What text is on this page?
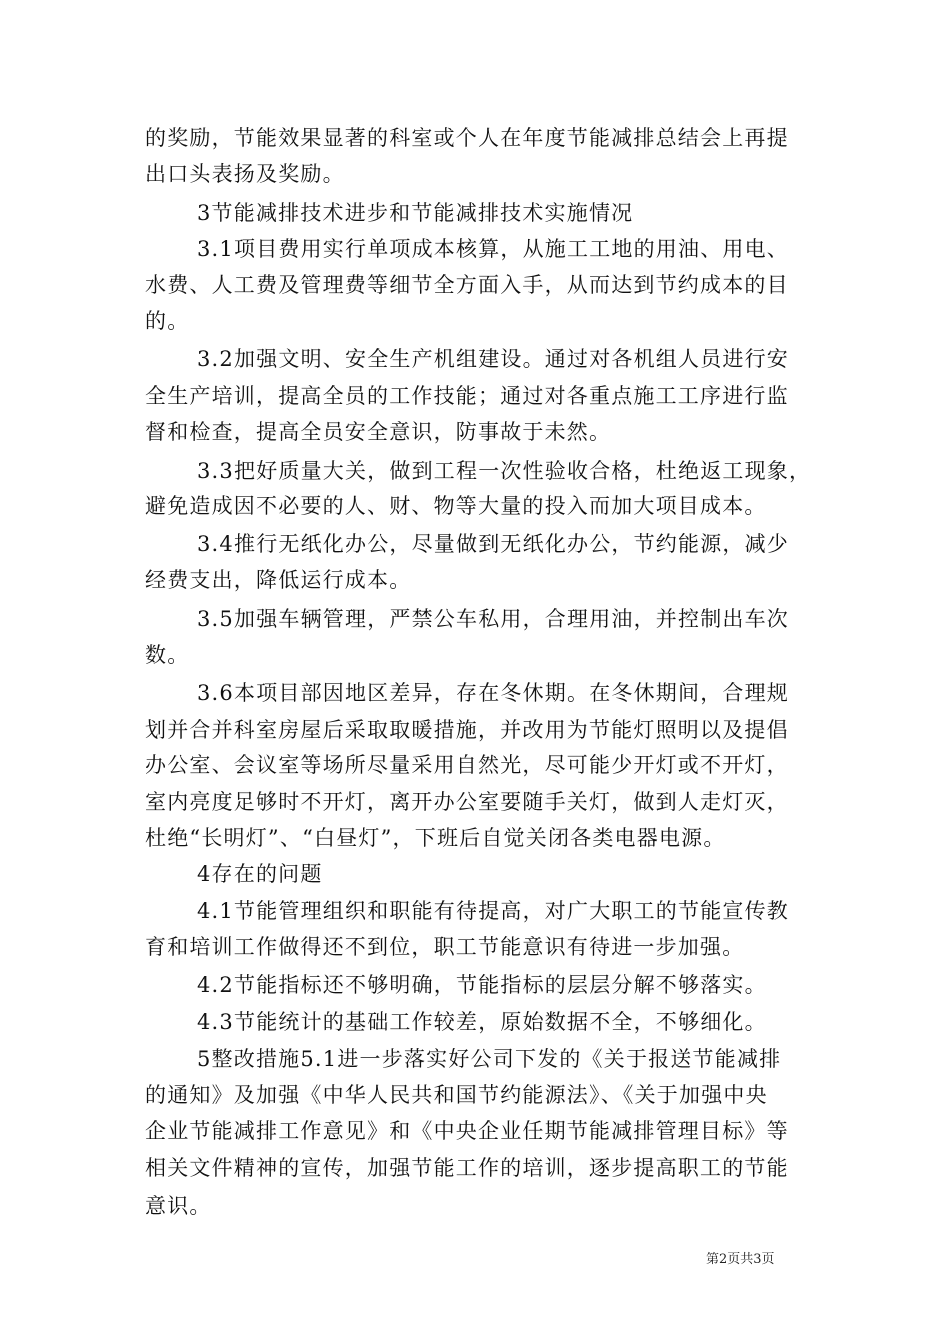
的奖励，节能效果显著的科室或个人在年度节能减排总结会上再提
出口头表扬及奖励。
3节能减排技术进步和节能减排技术实施情况
3.1项目费用实行单项成本核算，从施工工地的用油、用电、
水费、人工费及管理费等细节全方面入手，从而达到节约成本的目
的。
3.2加强文明、安全生产机组建设。通过对各机组人员进行安
全生产培训，提高全员的工作技能；通过对各重点施工工序进行监
督和检查，提高全员安全意识，防事故于未然。
3.3把好质量大关，做到工程一次性验收合格，杜绝返工现象，
避免造成因不必要的人、财、物等大量的投入而加大项目成本。
3.4推行无纸化办公，尽量做到无纸化办公，节约能源，减少
经费支出，降低运行成本。
3.5加强车辆管理，严禁公车私用，合理用油，并控制出车次
数。
3.6本项目部因地区差异，存在冬休期。在冬休期间，合理规
划并合并科室房屋后采取取暖措施，并改用为节能灯照明以及提倡
办公室、会议室等场所尽量采用自然光，尽可能少开灯或不开灯，
室内亮度足够时不开灯，离开办公室要随手关灯，做到人走灯灭，
杜绝“长明灯”、“白昼灯”，下班后自觉关闭各类电器电源。
4存在的问题
4.1节能管理组织和职能有待提高，对广大职工的节能宣传教
育和培训工作做得还不到位，职工节能意识有待进一步加强。
4.2节能指标还不够明确，节能指标的层层分解不够落实。
4.3节能统计的基础工作较差，原始数据不全，不够细化。
5整改措施5.1进一步落实好公司下发的《关于报送节能减排
的通知》及加强《中华人民共和国节约能源法》、《关于加强中央
企业节能减排工作意见》和《中央企业任期节能减排管理目标》等
相关文件精神的宣传，加强节能工作的培训，逐步提高职工的节能
意识。
第2页共3页
